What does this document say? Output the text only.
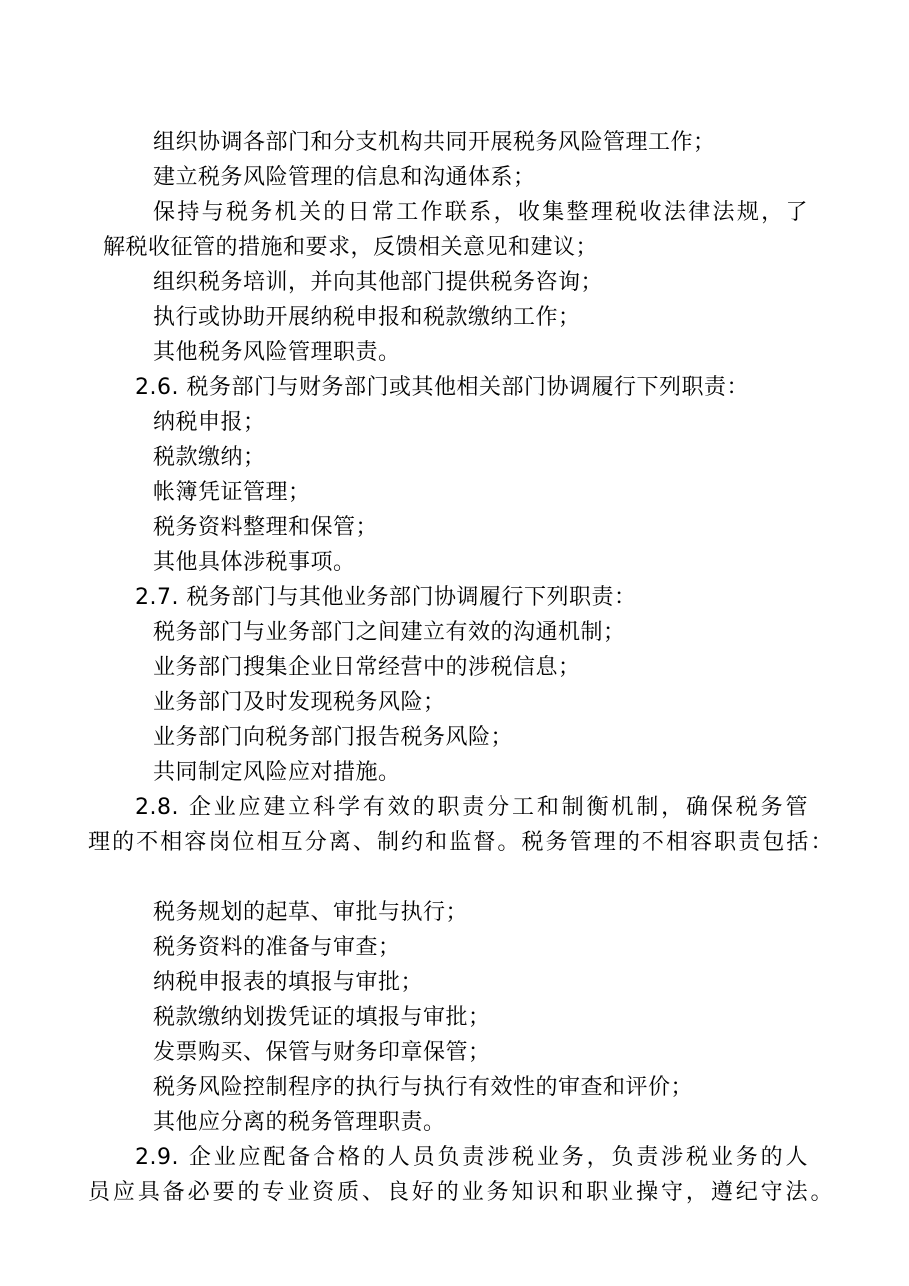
组织协调各部门和分支机构共同开展税务风险管理工作；
建立税务风险管理的信息和沟通体系；
保持与税务机关的日常工作联系，收集整理税收法律法规，了
解税收征管的措施和要求，反馈相关意见和建议；
组织税务培训，并向其他部门提供税务咨询；
执行或协助开展纳税申报和税款缴纳工作；
其他税务风险管理职责。
2.6. 税务部门与财务部门或其他相关部门协调履行下列职责：
纳税申报；
税款缴纳；
帐簿凭证管理；
税务资料整理和保管；
其他具体涉税事项。
2.7. 税务部门与其他业务部门协调履行下列职责：
税务部门与业务部门之间建立有效的沟通机制；
业务部门搜集企业日常经营中的涉税信息；
业务部门及时发现税务风险；
业务部门向税务部门报告税务风险；
共同制定风险应对措施。
2.8. 企业应建立科学有效的职责分工和制衡机制，确保税务管
理的不相容岗位相互分离、制约和监督。税务管理的不相容职责包括：
税务规划的起草、审批与执行；
税务资料的准备与审查；
纳税申报表的填报与审批；
税款缴纳划拨凭证的填报与审批；
发票购买、保管与财务印章保管；
税务风险控制程序的执行与执行有效性的审查和评价；
其他应分离的税务管理职责。
2.9. 企业应配备合格的人员负责涉税业务，负责涉税业务的人
员应具备必要的专业资质、良好的业务知识和职业操守，遵纪守法。
